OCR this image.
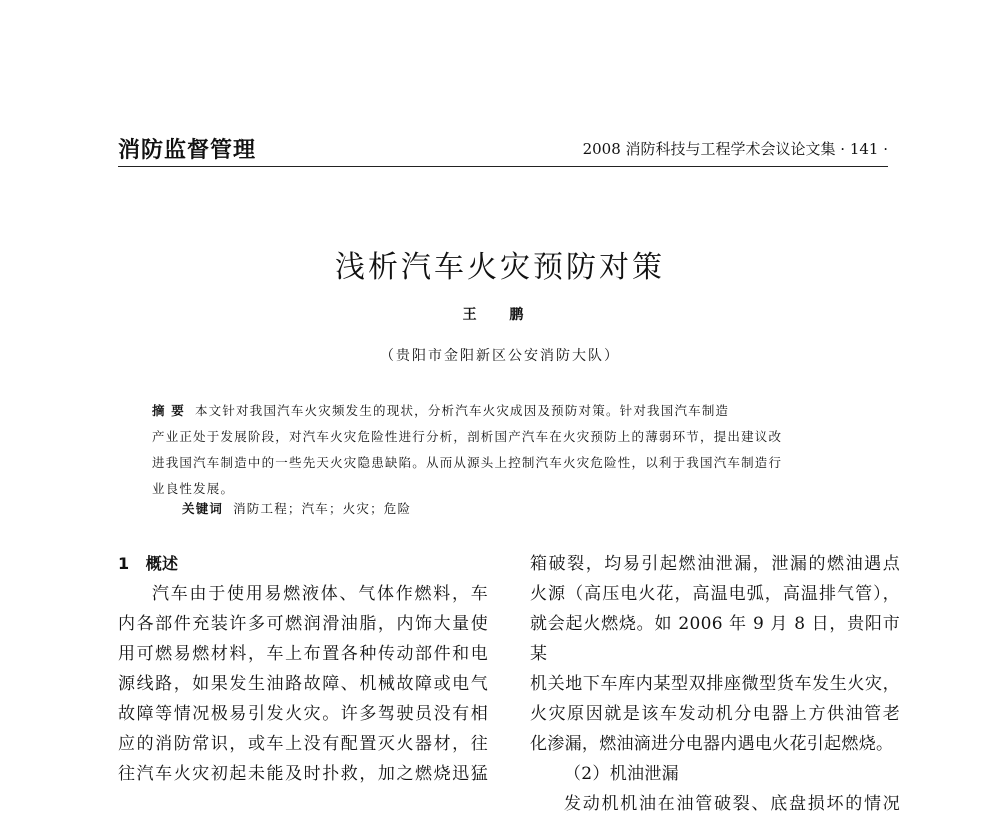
消防监督管理	2008 消防科技与工程学术会议论文集 · 141 ·
浅析汽车火灾预防对策
王 鹏
（贵阳市金阳新区公安消防大队）
摘 要 本文针对我国汽车火灾频发生的现状，分析汽车火灾成因及预防对策。针对我国汽车制造
产业正处于发展阶段，对汽车火灾危险性进行分析，剖析国产汽车在火灾预防上的薄弱环节，提出建议改
进我国汽车制造中的一些先天火灾隐患缺陷。从而从源头上控制汽车火灾危险性，以利于我国汽车制造行
业良性发展。
关键词 消防工程；汽车；火灾；危险

1　概述

汽车由于使用易燃液体、气体作燃料，车

内各部件充装许多可燃润滑油脂，内饰大量使

用可燃易燃材料，车上布置各种传动部件和电

源线路，如果发生油路故障、机械故障或电气

故障等情况极易引发火灾。许多驾驶员没有相

应的消防常识，或车上没有配置灭火器材，往

往汽车火灾初起未能及时扑救，加之燃烧迅猛

箱破裂，均易引起燃油泄漏，泄漏的燃油遇点

火源（高压电火花，高温电弧，高温排气管），

就会起火燃烧。如 2006 年 9 月 8 日，贵阳市某

机关地下车库内某型双排座微型货车发生火灾，

火灾原因就是该车发动机分电器上方供油管老

化渗漏，燃油滴进分电器内遇电火花引起燃烧。

（2）机油泄漏

发动机机油在油管破裂、底盘损坏的情况
